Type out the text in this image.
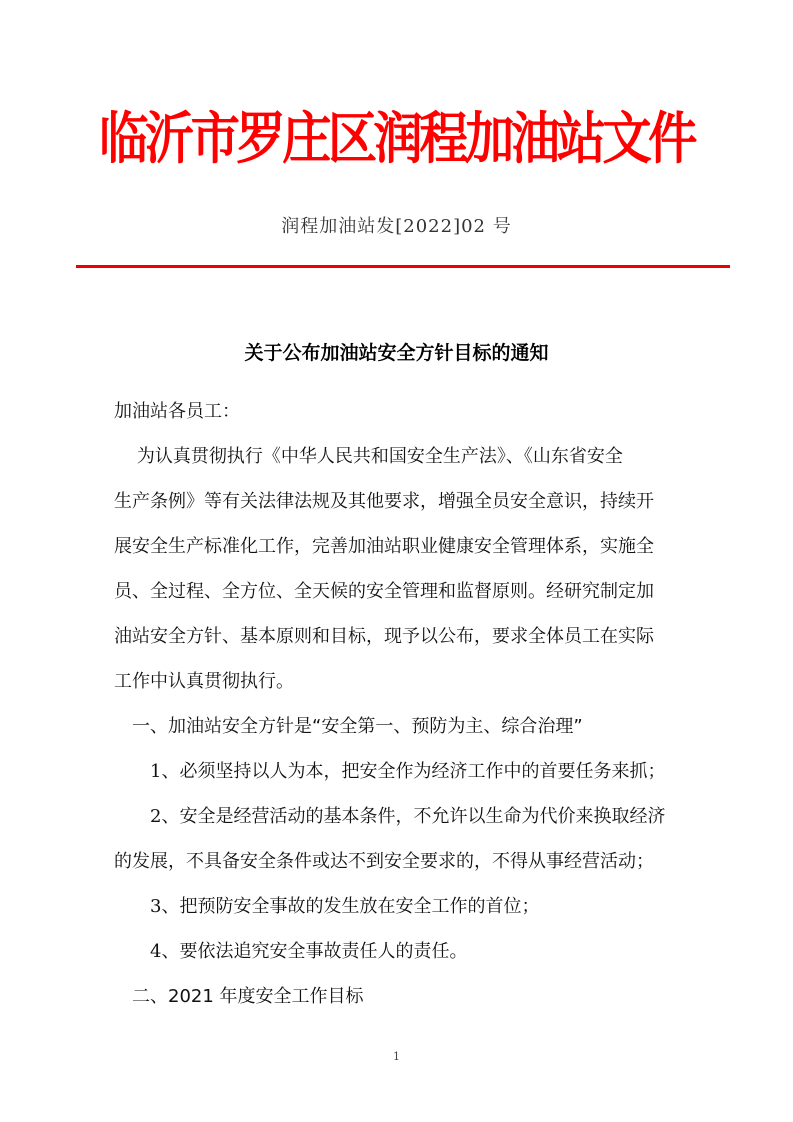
临沂市罗庄区润程加油站文件
润程加油站发[2022]02 号
关于公布加油站安全方针目标的通知
加油站各员工：
为认真贯彻执行《中华人民共和国安全生产法》、《山东省安全
生产条例》等有关法律法规及其他要求，增强全员安全意识，持续开
展安全生产标准化工作，完善加油站职业健康安全管理体系，实施全
员、全过程、全方位、全天候的安全管理和监督原则。经研究制定加
油站安全方针、基本原则和目标，现予以公布，要求全体员工在实际
工作中认真贯彻执行。
一、加油站安全方针是“安全第一、预防为主、综合治理”
1、必须坚持以人为本，把安全作为经济工作中的首要任务来抓；
2、安全是经营活动的基本条件，不允许以生命为代价来换取经济
的发展，不具备安全条件或达不到安全要求的，不得从事经营活动；
3、把预防安全事故的发生放在安全工作的首位；
4、要依法追究安全事故责任人的责任。
二、2021 年度安全工作目标
1
